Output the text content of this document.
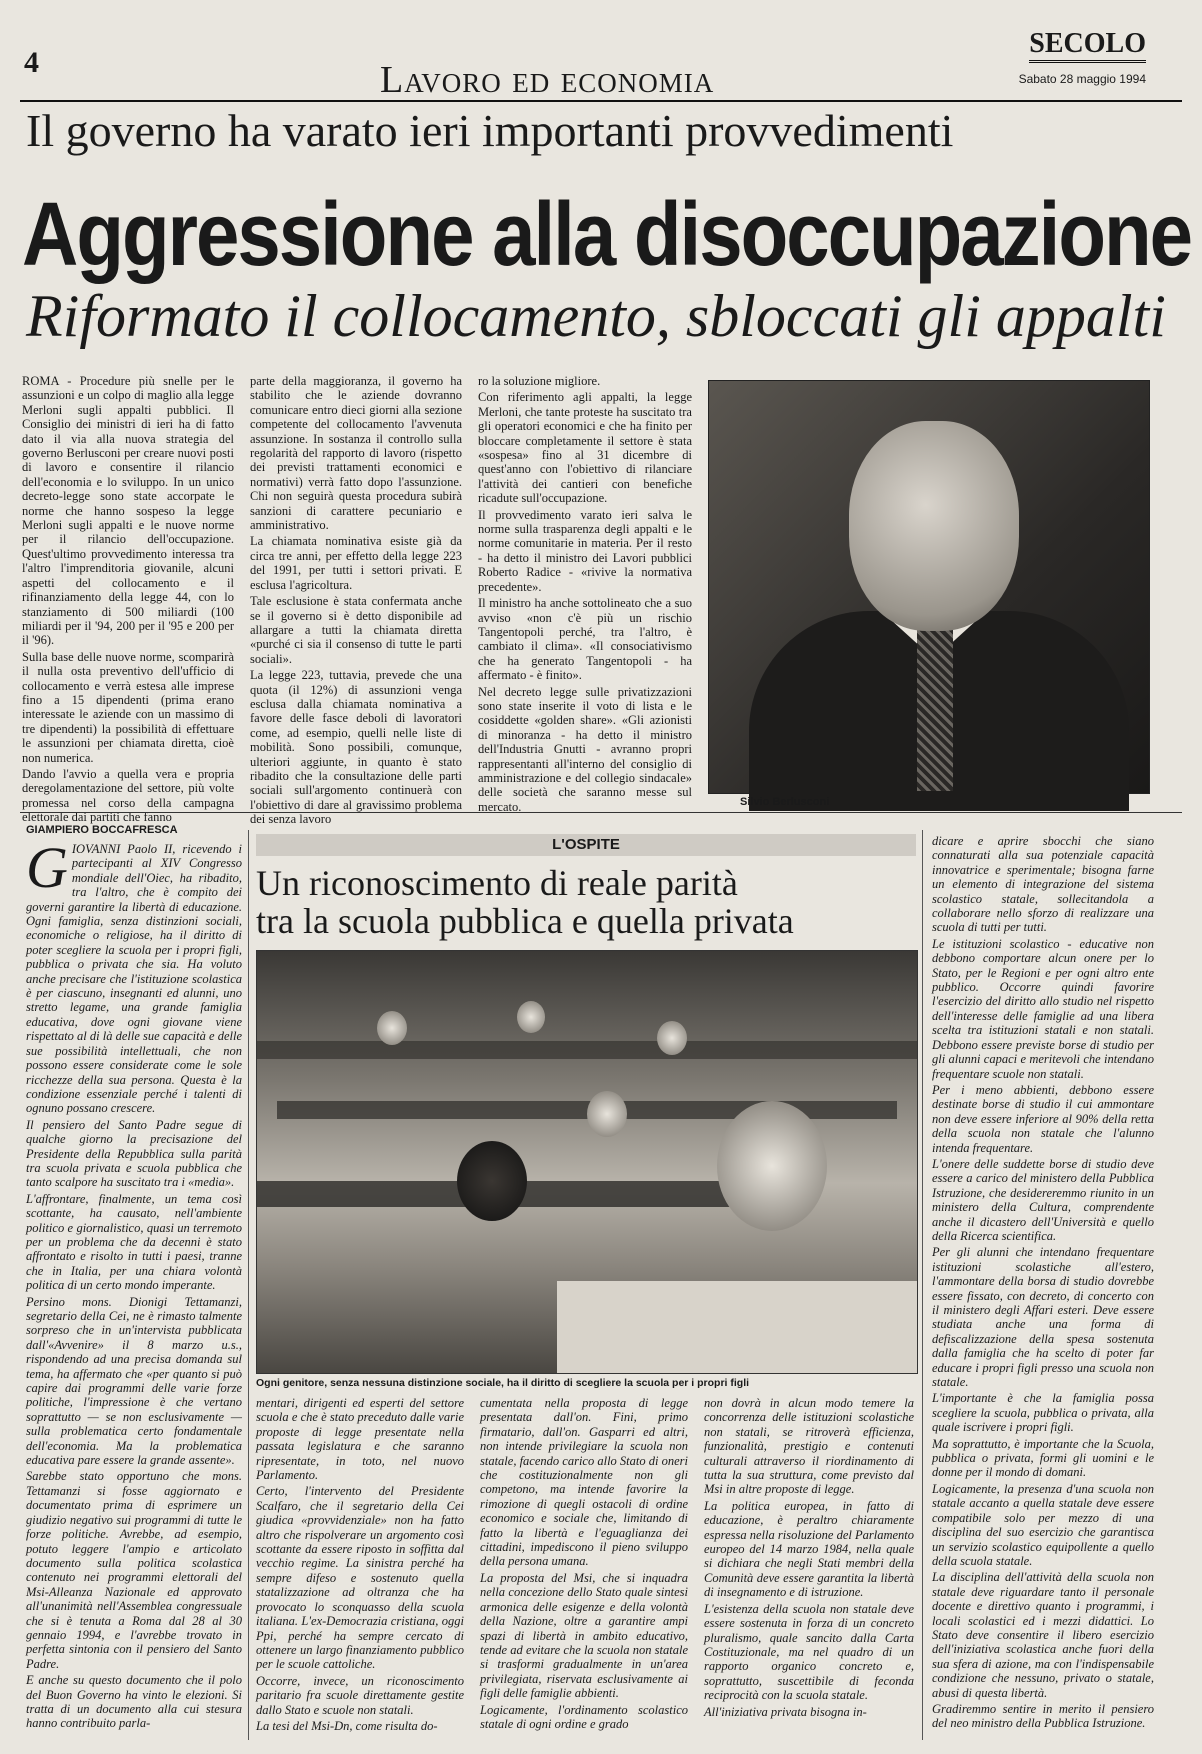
4	Lavoro ed economia
SECOLO
Sabato 28 maggio 1994
Il governo ha varato ieri importanti provvedimenti
Aggressione alla disoccupazione
Riformato il collocamento, sbloccati gli appalti

ROMA - Procedure più snelle per le assunzioni e un colpo di maglio alla legge Merloni sugli appalti pubblici. Il Consiglio dei ministri di ieri ha di fatto dato il via alla nuova strategia del governo Berlusconi per creare nuovi posti di lavoro e consentire il rilancio dell'economia e lo sviluppo. In un unico decreto-legge sono state accorpate le norme che hanno sospeso la legge Merloni sugli appalti e le nuove norme per il rilancio dell'occupazione. Quest'ultimo provvedimento interessa tra l'altro l'imprenditoria giovanile, alcuni aspetti del collocamento e il rifinanziamento della legge 44, con lo stanziamento di 500 miliardi (100 miliardi per il '94, 200 per il '95 e 200 per il '96).

Sulla base delle nuove norme, scomparirà il nulla osta preventivo dell'ufficio di collocamento e verrà estesa alle imprese fino a 15 dipendenti (prima erano interessate le aziende con un massimo di tre dipendenti) la possibilità di effettuare le assunzioni per chiamata diretta, cioè non numerica.

Dando l'avvio a quella vera e propria deregolamentazione del settore, più volte promessa nel corso della campagna elettorale dai partiti che fanno

parte della maggioranza, il governo ha stabilito che le aziende dovranno comunicare entro dieci giorni alla sezione competente del collocamento l'avvenuta assunzione. In sostanza il controllo sulla regolarità del rapporto di lavoro (rispetto dei previsti trattamenti economici e normativi) verrà fatto dopo l'assunzione. Chi non seguirà questa procedura subirà sanzioni di carattere pecuniario e amministrativo.

La chiamata nominativa esiste già da circa tre anni, per effetto della legge 223 del 1991, per tutti i settori privati. E esclusa l'agricoltura.

Tale esclusione è stata confermata anche se il governo si è detto disponibile ad allargare a tutti la chiamata diretta «purché ci sia il consenso di tutte le parti sociali».

La legge 223, tuttavia, prevede che una quota (il 12%) di assunzioni venga esclusa dalla chiamata nominativa a favore delle fasce deboli di lavoratori come, ad esempio, quelli nelle liste di mobilità. Sono possibili, comunque, ulteriori aggiunte, in quanto è stato ribadito che la consultazione delle parti sociali sull'argomento continuerà con l'obiettivo di dare al gravissimo problema dei senza lavoro

ro la soluzione migliore.

Con riferimento agli appalti, la legge Merloni, che tante proteste ha suscitato tra gli operatori economici e che ha finito per bloccare completamente il settore è stata «sospesa» fino al 31 dicembre di quest'anno con l'obiettivo di rilanciare l'attività dei cantieri con benefiche ricadute sull'occupazione.

Il provvedimento varato ieri salva le norme sulla trasparenza degli appalti e le norme comunitarie in materia. Per il resto - ha detto il ministro dei Lavori pubblici Roberto Radice - «rivive la normativa precedente».

Il ministro ha anche sottolineato che a suo avviso «non c'è più un rischio Tangentopoli perché, tra l'altro, è cambiato il clima». «Il consociativismo che ha generato Tangentopoli - ha affermato - è finito».

Nel decreto legge sulle privatizzazioni sono state inserite il voto di lista e le cosiddette «golden share». «Gli azionisti di minoranza - ha detto il ministro dell'Industria Gnutti - avranno propri rappresentanti all'interno del consiglio di amministrazione e del collegio sindacale» delle società che saranno messe sul mercato.	Silvio Berlusconi
GIAMPIERO BOCCAFRESCA
G IOVANNI Paolo II, ricevendo i partecipanti al XIV Congresso mondiale dell'Oiec, ha ribadito, tra l'altro, che è compito dei governi garantire la libertà di educazione. Ogni famiglia, senza distinzioni sociali, economiche o religiose, ha il diritto di poter scegliere la scuola per i propri figli, pubblica o privata che sia. Ha voluto anche precisare che l'istituzione scolastica è per ciascuno, insegnanti ed alunni, uno stretto legame, una grande famiglia educativa, dove ogni giovane viene rispettato al di là delle sue capacità e delle sue possibilità intellettuali, che non possono essere considerate come le sole ricchezze della sua persona. Questa è la condizione essenziale perché i talenti di ognuno possano crescere.

Il pensiero del Santo Padre segue di qualche giorno la precisazione del Presidente della Repubblica sulla parità tra scuola privata e scuola pubblica che tanto scalpore ha suscitato tra i «media».

L'affrontare, finalmente, un tema così scottante, ha causato, nell'ambiente politico e giornalistico, quasi un terremoto per un problema che da decenni è stato affrontato e risolto in tutti i paesi, tranne che in Italia, per una chiara volontà politica di un certo mondo imperante.

Persino mons. Dionigi Tettamanzi, segretario della Cei, ne è rimasto talmente sorpreso che in un'intervista pubblicata dall'«Avvenire» il 8 marzo u.s., rispondendo ad una precisa domanda sul tema, ha affermato che «per quanto si può capire dai programmi delle varie forze politiche, l'impressione è che vertano soprattutto — se non esclusivamente — sulla problematica certo fondamentale dell'economia. Ma la problematica educativa pare essere la grande assente».

Sarebbe stato opportuno che mons. Tettamanzi si fosse aggiornato e documentato prima di esprimere un giudizio negativo sui programmi di tutte le forze politiche. Avrebbe, ad esempio, potuto leggere l'ampio e articolato documento sulla politica scolastica contenuto nei programmi elettorali del Msi-Alleanza Nazionale ed approvato all'unanimità nell'Assemblea congressuale che si è tenuta a Roma dal 28 al 30 gennaio 1994, e l'avrebbe trovato in perfetta sintonia con il pensiero del Santo Padre.

E anche su questo documento che il polo del Buon Governo ha vinto le elezioni. Si tratta di un documento alla cui stesura hanno contribuito parla-

L'OSPITE
Un riconoscimento di reale parità
tra la scuola pubblica e quella privata
Ogni genitore, senza nessuna distinzione sociale, ha il diritto di scegliere la scuola per i propri figli

mentari, dirigenti ed esperti del settore scuola e che è stato preceduto dalle varie proposte di legge presentate nella passata legislatura e che saranno ripresentate, in toto, nel nuovo Parlamento.

Certo, l'intervento del Presidente Scalfaro, che il segretario della Cei giudica «provvidenziale» non ha fatto altro che rispolverare un argomento così scottante da essere riposto in soffitta dal vecchio regime. La sinistra perché ha sempre difeso e sostenuto quella statalizzazione ad oltranza che ha provocato lo sconquasso della scuola italiana. L'ex-Democrazia cristiana, oggi Ppi, perché ha sempre cercato di ottenere un largo finanziamento pubblico per le scuole cattoliche.

Occorre, invece, un riconoscimento paritario fra scuole direttamente gestite dallo Stato e scuole non statali.

La tesi del Msi-Dn, come risulta do-

cumentata nella proposta di legge presentata dall'on. Fini, primo firmatario, dall'on. Gasparri ed altri, non intende privilegiare la scuola non statale, facendo carico allo Stato di oneri che costituzionalmente non gli competono, ma intende favorire la rimozione di quegli ostacoli di ordine economico e sociale che, limitando di fatto la libertà e l'eguaglianza dei cittadini, impediscono il pieno sviluppo della persona umana.

La proposta del Msi, che si inquadra nella concezione dello Stato quale sintesi armonica delle esigenze e della volontà della Nazione, oltre a garantire ampi spazi di libertà in ambito educativo, tende ad evitare che la scuola non statale si trasformi gradualmente in un'area privilegiata, riservata esclusivamente ai figli delle famiglie abbienti.

Logicamente, l'ordinamento scolastico statale di ogni ordine e grado

non dovrà in alcun modo temere la concorrenza delle istituzioni scolastiche non statali, se ritroverà efficienza, funzionalità, prestigio e contenuti culturali attraverso il riordinamento di tutta la sua struttura, come previsto dal Msi in altre proposte di legge.

La politica europea, in fatto di educazione, è peraltro chiaramente espressa nella risoluzione del Parlamento europeo del 14 marzo 1984, nella quale si dichiara che negli Stati membri della Comunità deve essere garantita la libertà di insegnamento e di istruzione.

L'esistenza della scuola non statale deve essere sostenuta in forza di un concreto pluralismo, quale sancito dalla Carta Costituzionale, ma nel quadro di un rapporto organico concreto e, soprattutto, suscettibile di feconda reciprocità con la scuola statale.

All'iniziativa privata bisogna in-

dicare e aprire sbocchi che siano connaturati alla sua potenziale capacità innovatrice e sperimentale; bisogna farne un elemento di integrazione del sistema scolastico statale, sollecitandola a collaborare nello sforzo di realizzare una scuola di tutti per tutti.

Le istituzioni scolastico - educative non debbono comportare alcun onere per lo Stato, per le Regioni e per ogni altro ente pubblico. Occorre quindi favorire l'esercizio del diritto allo studio nel rispetto dell'interesse delle famiglie ad una libera scelta tra istituzioni statali e non statali. Debbono essere previste borse di studio per gli alunni capaci e meritevoli che intendano frequentare scuole non statali.

Per i meno abbienti, debbono essere destinate borse di studio il cui ammontare non deve essere inferiore al 90% della retta della scuola non statale che l'alunno intenda frequentare.

L'onere delle suddette borse di studio deve essere a carico del ministero della Pubblica Istruzione, che desidereremmo riunito in un ministero della Cultura, comprendente anche il dicastero dell'Università e quello della Ricerca scientifica.

Per gli alunni che intendano frequentare istituzioni scolastiche all'estero, l'ammontare della borsa di studio dovrebbe essere fissato, con decreto, di concerto con il ministero degli Affari esteri. Deve essere studiata anche una forma di defiscalizzazione della spesa sostenuta dalla famiglia che ha scelto di poter far educare i propri figli presso una scuola non statale.

L'importante è che la famiglia possa scegliere la scuola, pubblica o privata, alla quale iscrivere i propri figli.

Ma soprattutto, è importante che la Scuola, pubblica o privata, formi gli uomini e le donne per il mondo di domani.

Logicamente, la presenza d'una scuola non statale accanto a quella statale deve essere compatibile solo per mezzo di una disciplina del suo esercizio che garantisca un servizio scolastico equipollente a quello della scuola statale.

La disciplina dell'attività della scuola non statale deve riguardare tanto il personale docente e direttivo quanto i programmi, i locali scolastici ed i mezzi didattici. Lo Stato deve consentire il libero esercizio dell'iniziativa scolastica anche fuori della sua sfera di azione, ma con l'indispensabile condizione che nessuno, privato o statale, abusi di questa libertà.

Gradiremmo sentire in merito il pensiero del neo ministro della Pubblica Istruzione.
